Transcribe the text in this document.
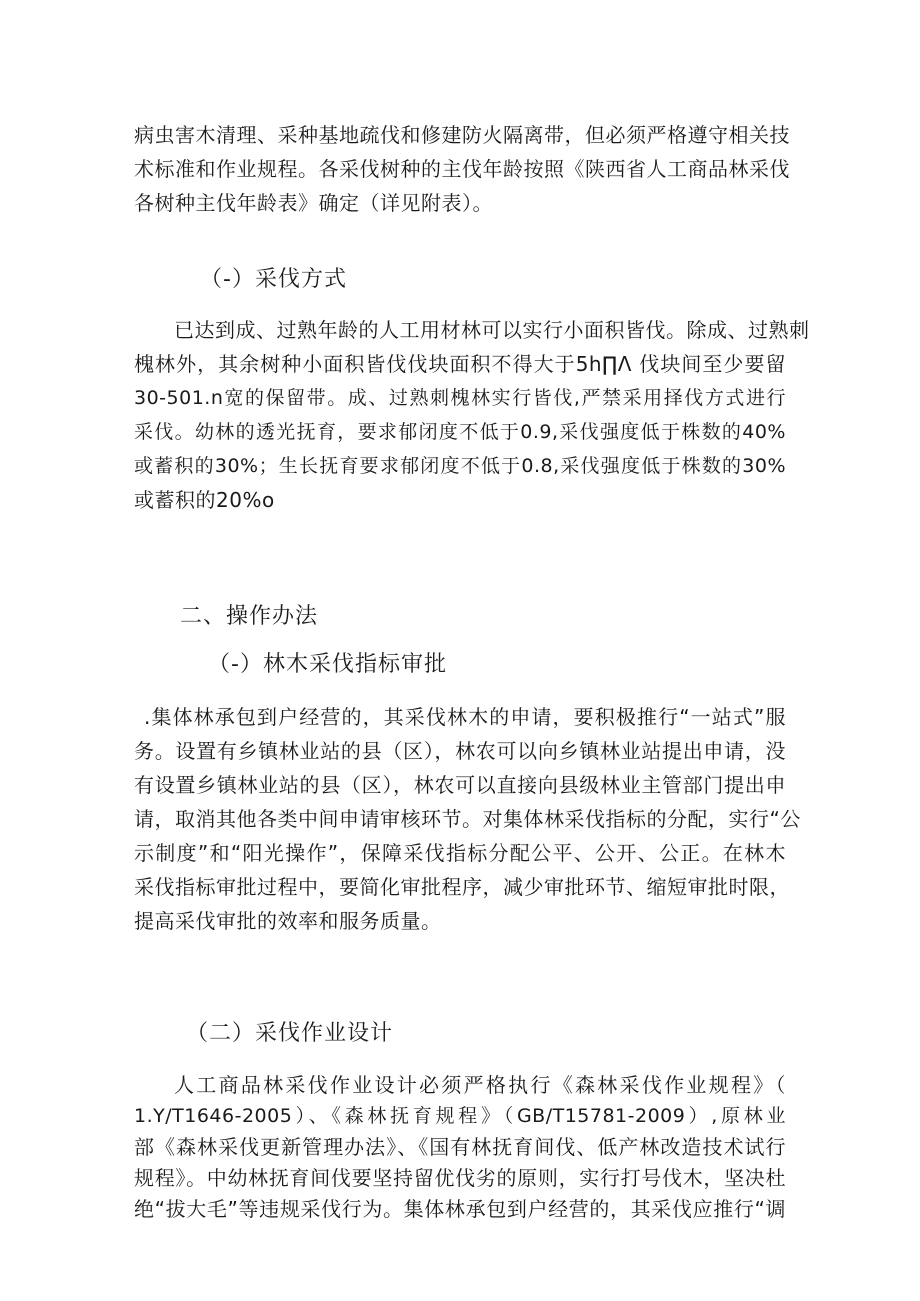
病虫害木清理、采种基地疏伐和修建防火隔离带，但必须严格遵守相关技
术标准和作业规程。各采伐树种的主伐年龄按照《陕西省人工商品林采伐
各树种主伐年龄表》确定（详见附表）。
（-）采伐方式
已达到成、过熟年龄的人工用材林可以实行小面积皆伐。除成、过熟刺
槐林外，其余树种小面积皆伐伐块面积不得大于5h∏Λ 伐块间至少要留
30-501.n宽的保留带。成、过熟刺槐林实行皆伐,严禁采用择伐方式进行
采伐。幼林的透光抚育，要求郁闭度不低于0.9,采伐强度低于株数的40%
或蓄积的30%；生长抚育要求郁闭度不低于0.8,采伐强度低于株数的30%
或蓄积的20%o
二、操作办法
（-）林木采伐指标审批
.集体林承包到户经营的，其采伐林木的申请，要积极推行“一站式”服
务。设置有乡镇林业站的县（区），林农可以向乡镇林业站提出申请，没
有设置乡镇林业站的县（区），林农可以直接向县级林业主管部门提出申
请，取消其他各类中间申请审核环节。对集体林采伐指标的分配，实行“公
示制度”和“阳光操作”，保障采伐指标分配公平、公开、公正。在林木
采伐指标审批过程中，要简化审批程序，减少审批环节、缩短审批时限，
提高采伐审批的效率和服务质量。
（二）采伐作业设计
人工商品林采伐作业设计必须严格执行《森林采伐作业规程》（
1.Y/T1646-2005）、《森林抚育规程》（GB/T15781-2009）,原林业
部《森林采伐更新管理办法》、《国有林抚育间伐、低产林改造技术试行
规程》。中幼林抚育间伐要坚持留优伐劣的原则，实行打号伐木，坚决杜
绝“拔大毛”等违规采伐行为。集体林承包到户经营的，其采伐应推行“调
